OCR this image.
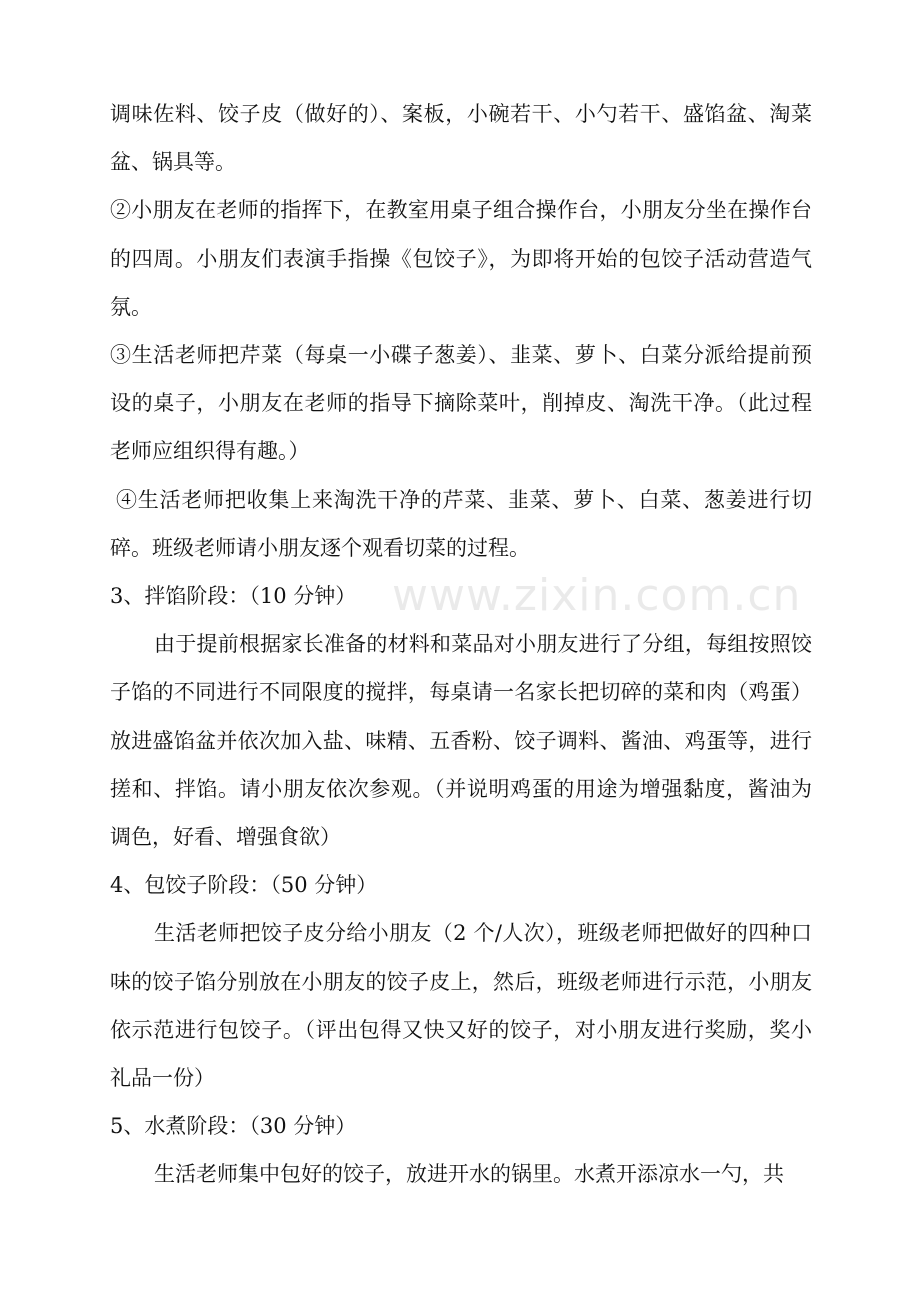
www.zixin.com.cn

调味佐料、饺子皮（做好的）、案板，小碗若干、小勺若干、盛馅盆、淘菜盆、锅具等。

②小朋友在老师的指挥下，在教室用桌子组合操作台，小朋友分坐在操作台的四周。小朋友们表演手指操《包饺子》，为即将开始的包饺子活动营造气氛。

③生活老师把芹菜（每桌一小碟子葱姜）、韭菜、萝卜、白菜分派给提前预设的桌子，小朋友在老师的指导下摘除菜叶，削掉皮、淘洗干净。（此过程老师应组织得有趣。）

④生活老师把收集上来淘洗干净的芹菜、韭菜、萝卜、白菜、葱姜进行切碎。班级老师请小朋友逐个观看切菜的过程。

3、拌馅阶段：（10 分钟）

由于提前根据家长准备的材料和菜品对小朋友进行了分组，每组按照饺子馅的不同进行不同限度的搅拌，每桌请一名家长把切碎的菜和肉（鸡蛋）放进盛馅盆并依次加入盐、味精、五香粉、饺子调料、酱油、鸡蛋等，进行搓和、拌馅。请小朋友依次参观。（并说明鸡蛋的用途为增强黏度，酱油为调色，好看、增强食欲）

4、包饺子阶段：（50 分钟）

生活老师把饺子皮分给小朋友（2 个/人次），班级老师把做好的四种口味的饺子馅分别放在小朋友的饺子皮上，然后，班级老师进行示范，小朋友依示范进行包饺子。（评出包得又快又好的饺子，对小朋友进行奖励，奖小礼品一份）

5、水煮阶段：（30 分钟）

生活老师集中包好的饺子，放进开水的锅里。水煮开添凉水一勺，共
